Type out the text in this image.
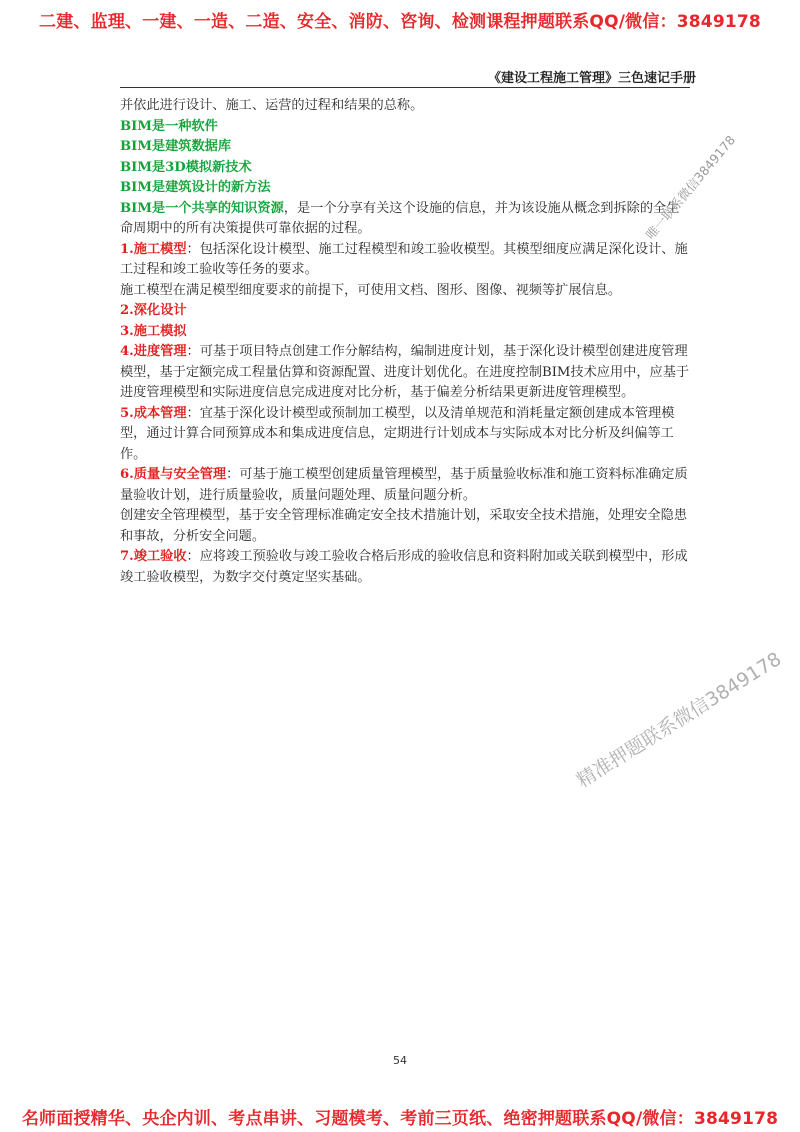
二建、监理、一建、一造、二造、安全、消防、咨询、检测课程押题联系QQ/微信：3849178
《建设工程施工管理》三色速记手册

并依此进行设计、施工、运营的过程和结果的总称。

BIM是一种软件

BIM是建筑数据库

BIM是3D模拟新技术

BIM是建筑设计的新方法

BIM是一个共享的知识资源，是一个分享有关这个设施的信息，并为该设施从概念到拆除的全生命周期中的所有决策提供可靠依据的过程。

1.施工模型：包括深化设计模型、施工过程模型和竣工验收模型。其模型细度应满足深化设计、施工过程和竣工验收等任务的要求。

施工模型在满足模型细度要求的前提下，可使用文档、图形、图像、视频等扩展信息。

2.深化设计

3.施工模拟

4.进度管理：可基于项目特点创建工作分解结构，编制进度计划，基于深化设计模型创建进度管理模型，基于定额完成工程量估算和资源配置、进度计划优化。在进度控制BIM技术应用中，应基于进度管理模型和实际进度信息完成进度对比分析，基于偏差分析结果更新进度管理模型。

5.成本管理：宜基于深化设计模型或预制加工模型，以及清单规范和消耗量定额创建成本管理模型，通过计算合同预算成本和集成进度信息，定期进行计划成本与实际成本对比分析及纠偏等工作。

6.质量与安全管理：可基于施工模型创建质量管理模型，基于质量验收标准和施工资料标准确定质量验收计划，进行质量验收，质量问题处理、质量问题分析。

创建安全管理模型，基于安全管理标准确定安全技术措施计划，采取安全技术措施，处理安全隐患和事故，分析安全问题。

7.竣工验收：应将竣工预验收与竣工验收合格后形成的验收信息和资料附加或关联到模型中，形成竣工验收模型，为数字交付奠定坚实基础。

唯一联系微信3849178
精准押题联系微信3849178
54
名师面授精华、央企内训、考点串讲、习题模考、考前三页纸、绝密押题联系QQ/微信：3849178
